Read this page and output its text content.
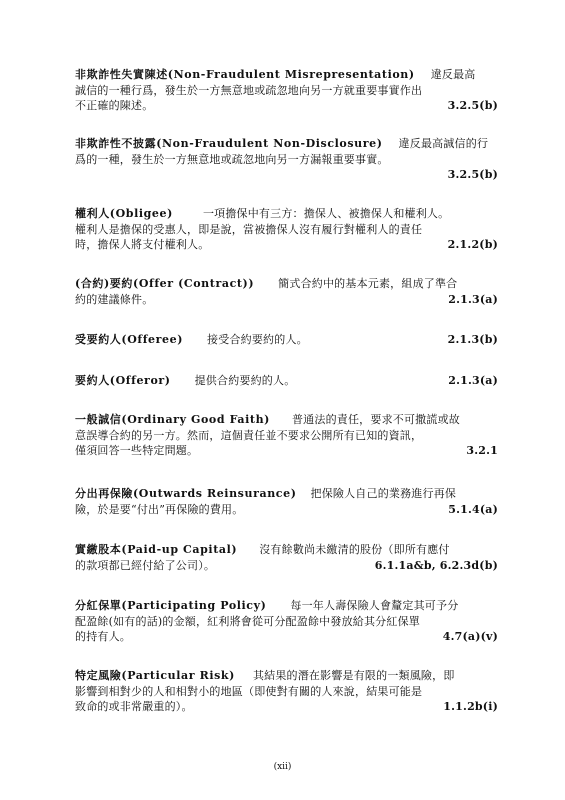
非欺詐性失實陳述(Non-Fraudulent Misrepresentation) 違反最高
誠信的一種行爲，發生於一方無意地或疏忽地向另一方就重要事實作出
不正確的陳述。	3.2.5(b)
非欺詐性不披露(Non-Fraudulent Non-Disclosure) 違反最高誠信的行
爲的一種，發生於一方無意地或疏忽地向另一方漏報重要事實。

3.2.5(b)
權利人(Obligee)	一項擔保中有三方：擔保人、被擔保人和權利人。
權利人是擔保的受惠人，即是說，當被擔保人沒有履行對權利人的責任
時，擔保人將支付權利人。	2.1.2(b)
(合約)要約(Offer (Contract)) 簡式合約中的基本元素，組成了準合
約的建議條件。	2.1.3(a)
受要約人(Offeree) 接受合約要約的人。	2.1.3(b)
要約人(Offeror) 提供合約要約的人。	2.1.3(a)
一般誠信(Ordinary Good Faith) 普通法的責任，要求不可撒謊或故
意誤導合約的另一方。然而，這個責任並不要求公開所有已知的資訊，
僅須回答一些特定問題。	3.2.1
分出再保險(Outwards Reinsurance) 把保險人自己的業務進行再保
險，於是要“付出”再保險的費用。	5.1.4(a)
實繳股本(Paid-up Capital) 沒有餘數尚未繳清的股份（即所有應付
的款項都已經付給了公司）。	6.1.1a&b, 6.2.3d(b)
分紅保單(Participating Policy) 每一年人壽保險人會釐定其可予分
配盈餘(如有的話)的金額，紅利將會從可分配盈餘中發放給其分紅保單
的持有人。	4.7(a)(v)
特定風險(Particular Risk) 其結果的潛在影響是有限的一類風險，即
影響到相對少的人和相對小的地區（即使對有關的人來說，結果可能是
致命的或非常嚴重的）。	1.1.2b(i)
(xii)
